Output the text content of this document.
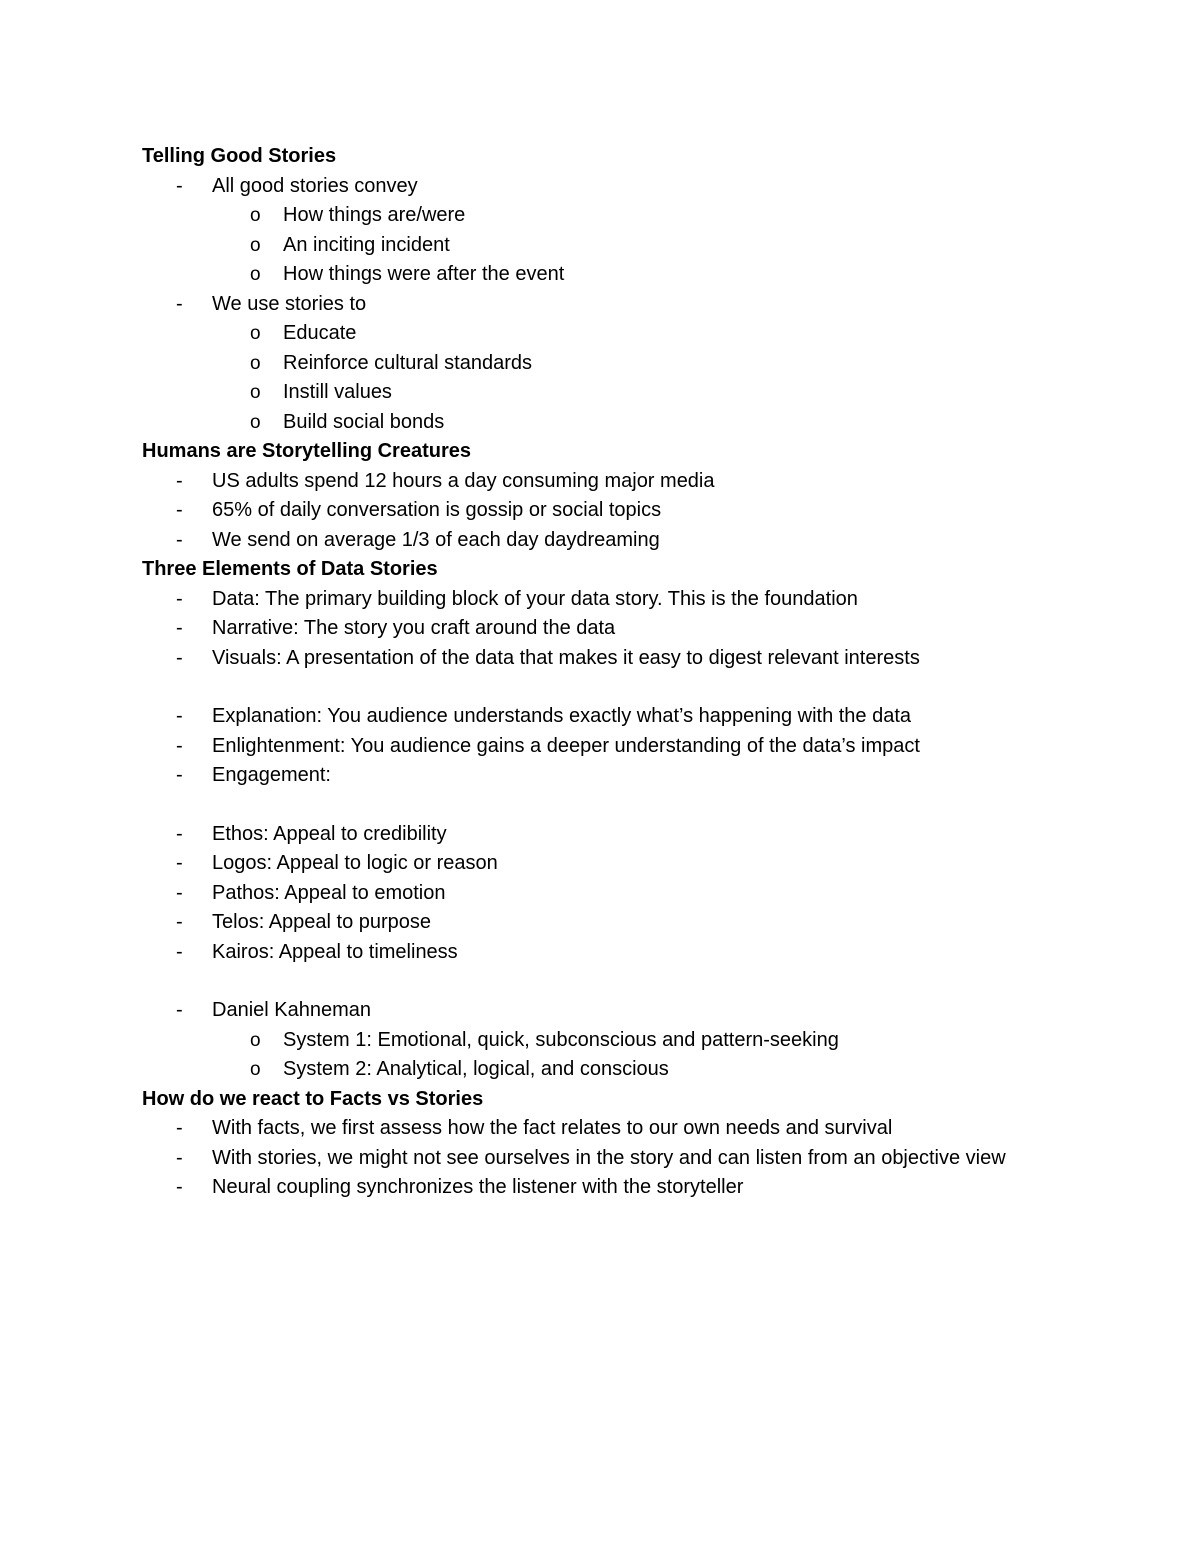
Telling Good Stories

- All good stories convey

o How things are/were

o An inciting incident

o How things were after the event

- We use stories to

o Educate

o Reinforce cultural standards

o Instill values

o Build social bonds

Humans are Storytelling Creatures

- US adults spend 12 hours a day consuming major media

- 65% of daily conversation is gossip or social topics

- We send on average 1/3 of each day daydreaming

Three Elements of Data Stories

- Data: The primary building block of your data story. This is the foundation

- Narrative: The story you craft around the data

- Visuals: A presentation of the data that makes it easy to digest relevant interests

- Explanation: You audience understands exactly what’s happening with the data

- Enlightenment: You audience gains a deeper understanding of the data’s impact

- Engagement:

- Ethos: Appeal to credibility

- Logos: Appeal to logic or reason

- Pathos: Appeal to emotion

- Telos: Appeal to purpose

- Kairos: Appeal to timeliness

- Daniel Kahneman

o System 1: Emotional, quick, subconscious and pattern-seeking

o System 2: Analytical, logical, and conscious

How do we react to Facts vs Stories

- With facts, we first assess how the fact relates to our own needs and survival

- With stories, we might not see ourselves in the story and can listen from an objective view

- Neural coupling synchronizes the listener with the storyteller
